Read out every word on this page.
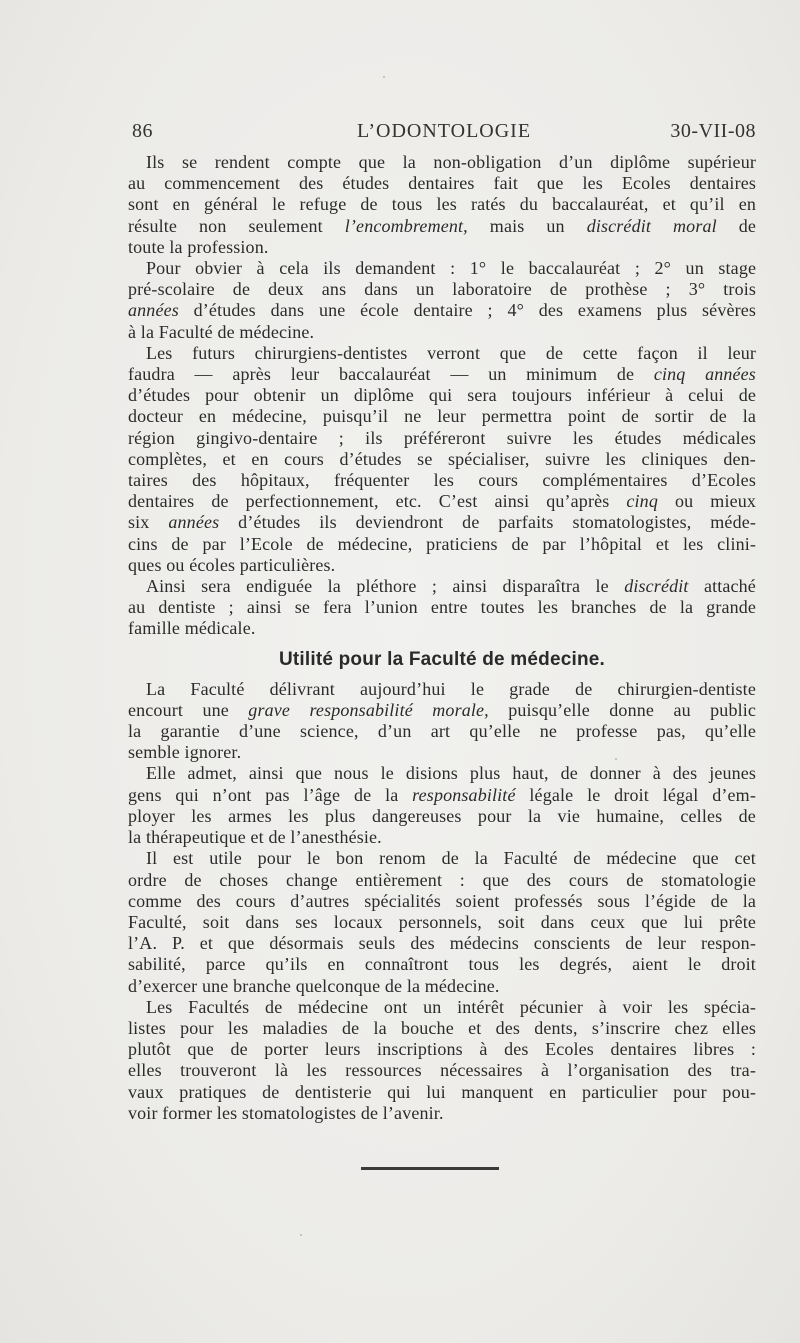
86	L’ODONTOLOGIE	30-VII-08

Ils se rendent compte que la non-obligation d’un diplôme supérieur
au commencement des études dentaires fait que les Ecoles dentaires
sont en général le refuge de tous les ratés du baccalauréat, et qu’il en
résulte non seulement l’encombrement, mais un discrédit moral de
toute la profession.

Pour obvier à cela ils demandent : 1° le baccalauréat ; 2° un stage
pré-scolaire de deux ans dans un laboratoire de prothèse ; 3° trois
années d’études dans une école dentaire ; 4° des examens plus sévères
à la Faculté de médecine.

Les futurs chirurgiens-dentistes verront que de cette façon il leur
faudra — après leur baccalauréat — un minimum de cinq années
d’études pour obtenir un diplôme qui sera toujours inférieur à celui de
docteur en médecine, puisqu’il ne leur permettra point de sortir de la
région gingivo-dentaire ; ils préféreront suivre les études médicales
complètes, et en cours d’études se spécialiser, suivre les cliniques den-
taires des hôpitaux, fréquenter les cours complémentaires d’Ecoles
dentaires de perfectionnement, etc. C’est ainsi qu’après cinq ou mieux
six années d’études ils deviendront de parfaits stomatologistes, méde-
cins de par l’Ecole de médecine, praticiens de par l’hôpital et les clini-
ques ou écoles particulières.

Ainsi sera endiguée la pléthore ; ainsi disparaîtra le discrédit attaché
au dentiste ; ainsi se fera l’union entre toutes les branches de la grande
famille médicale.

Utilité pour la Faculté de médecine.

La Faculté délivrant aujourd’hui le grade de chirurgien-dentiste
encourt une grave responsabilité morale, puisqu’elle donne au public
la garantie d’une science, d’un art qu’elle ne professe pas, qu’elle
semble ignorer.

Elle admet, ainsi que nous le disions plus haut, de donner à des jeunes
gens qui n’ont pas l’âge de la responsabilité légale le droit légal d’em-
ployer les armes les plus dangereuses pour la vie humaine, celles de
la thérapeutique et de l’anesthésie.

Il est utile pour le bon renom de la Faculté de médecine que cet
ordre de choses change entièrement : que des cours de stomatologie
comme des cours d’autres spécialités soient professés sous l’égide de la
Faculté, soit dans ses locaux personnels, soit dans ceux que lui prête
l’A. P. et que désormais seuls des médecins conscients de leur respon-
sabilité, parce qu’ils en connaîtront tous les degrés, aient le droit
d’exercer une branche quelconque de la médecine.

Les Facultés de médecine ont un intérêt pécunier à voir les spécia-
listes pour les maladies de la bouche et des dents, s’inscrire chez elles
plutôt que de porter leurs inscriptions à des Ecoles dentaires libres :
elles trouveront là les ressources nécessaires à l’organisation des tra-
vaux pratiques de dentisterie qui lui manquent en particulier pour pou-
voir former les stomatologistes de l’avenir.
